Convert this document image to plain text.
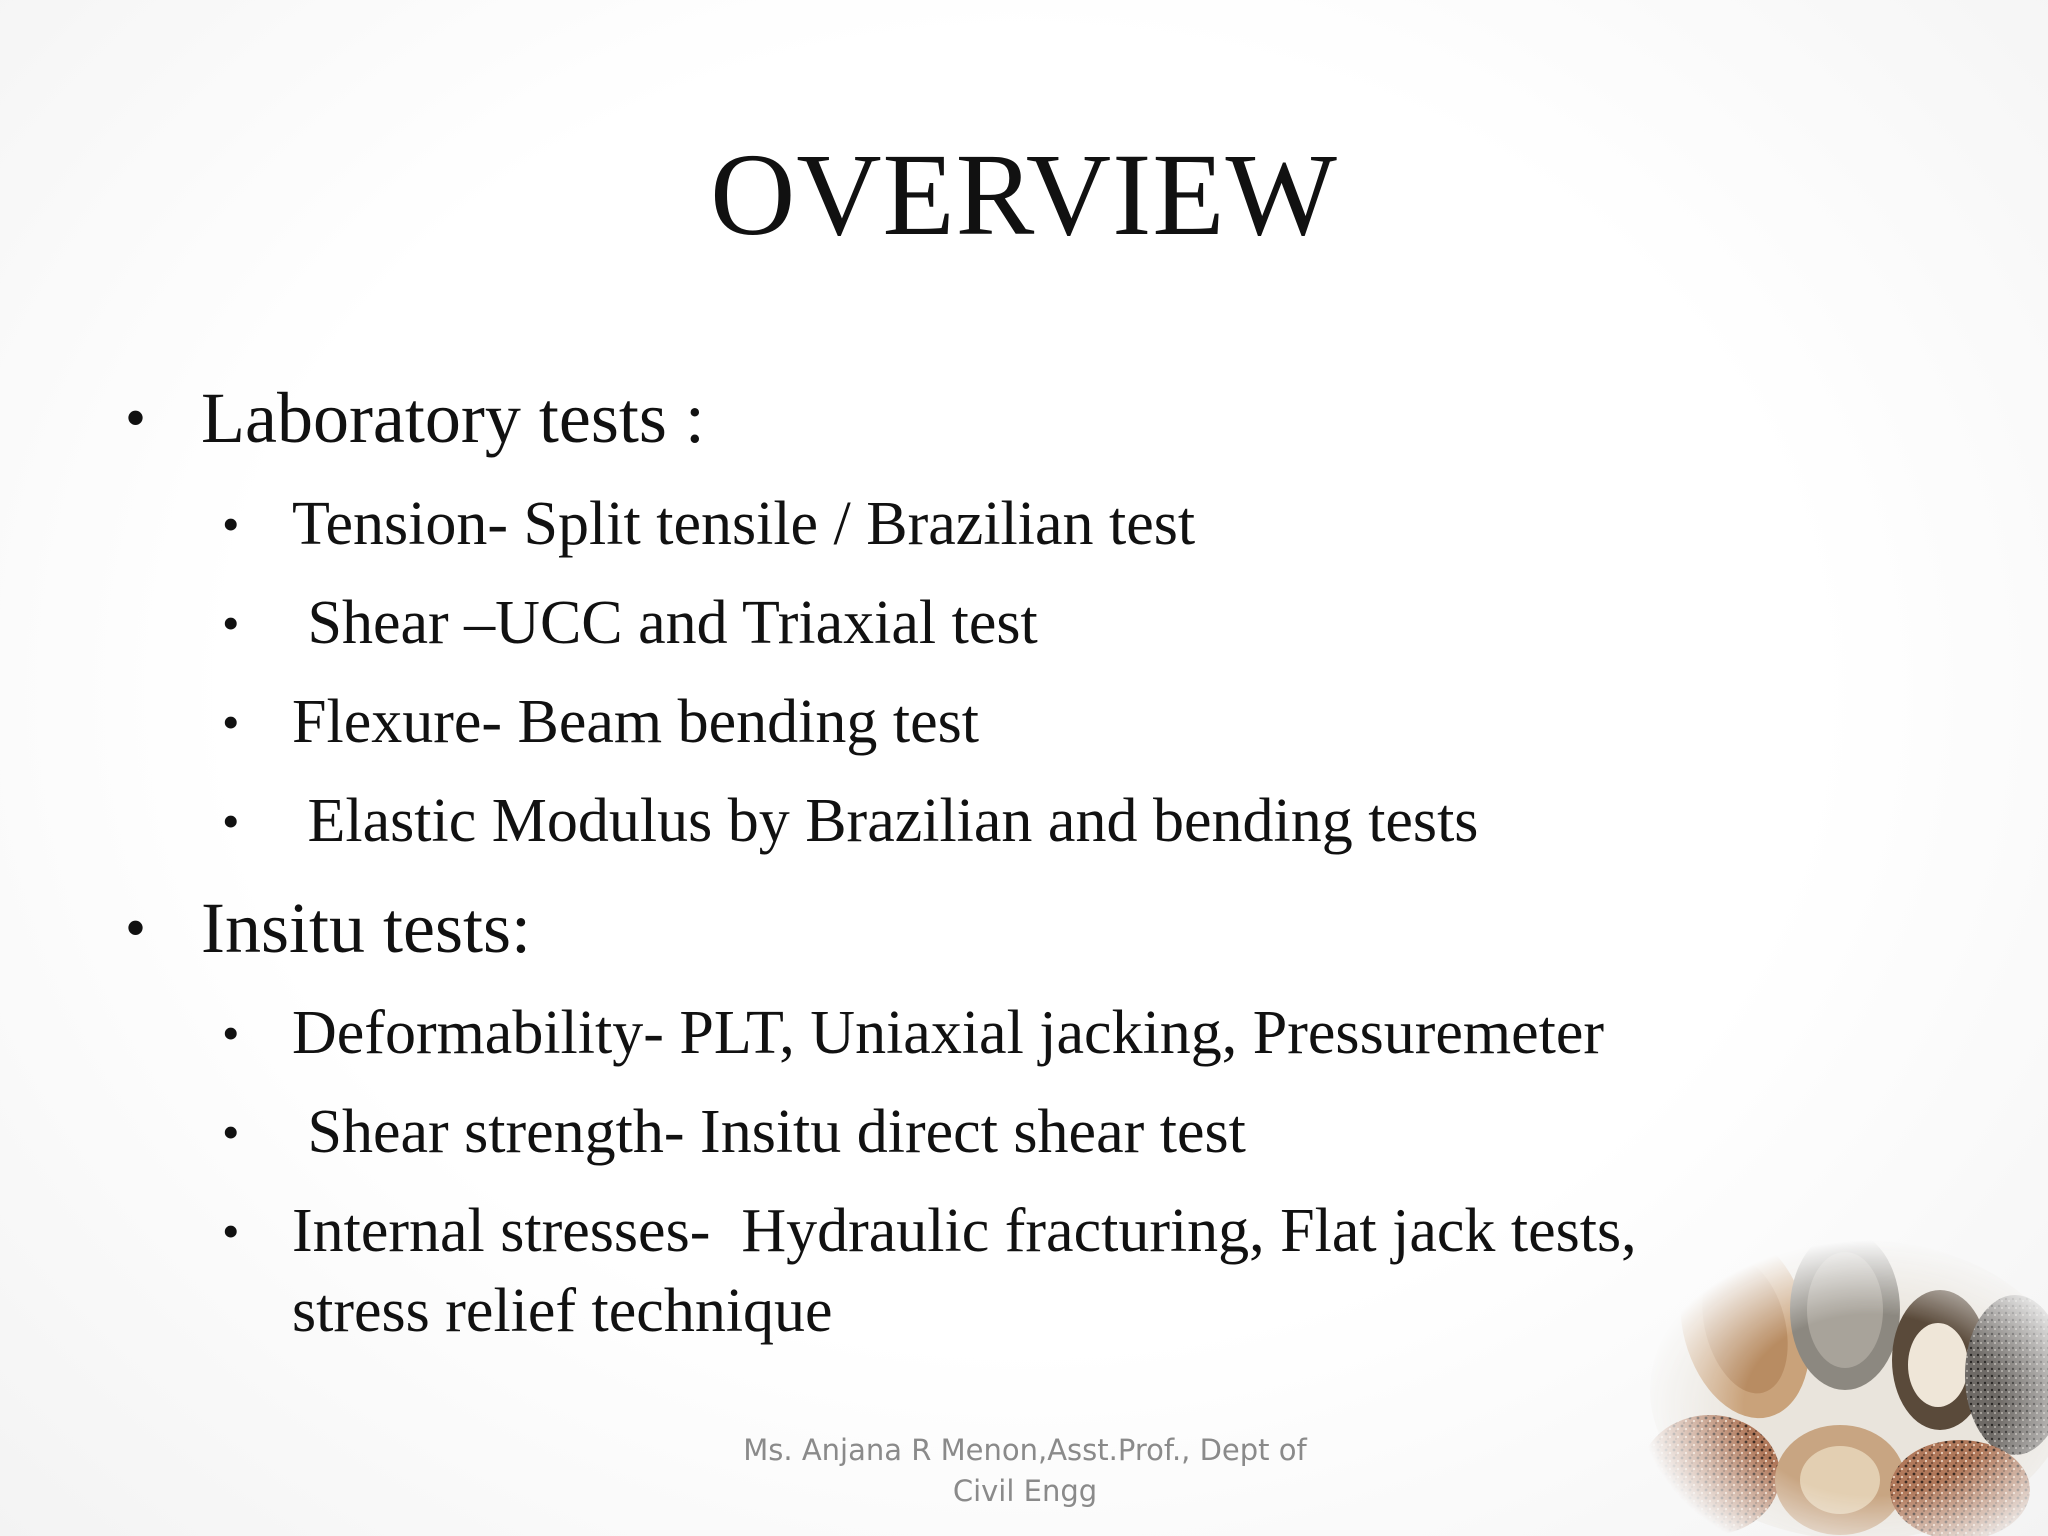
OVERVIEW
• Laboratory tests :
• Tension- Split tensile / Brazilian test
• Shear –UCC and Triaxial test
• Flexure- Beam bending test
• Elastic Modulus by Brazilian and bending tests
• Insitu tests:
• Deformability- PLT, Uniaxial jacking, Pressuremeter
• Shear strength- Insitu direct shear test
• Internal stresses-  Hydraulic fracturing, Flat jack tests,
stress relief technique
Ms. Anjana R Menon,Asst.Prof., Dept of
Civil Engg
